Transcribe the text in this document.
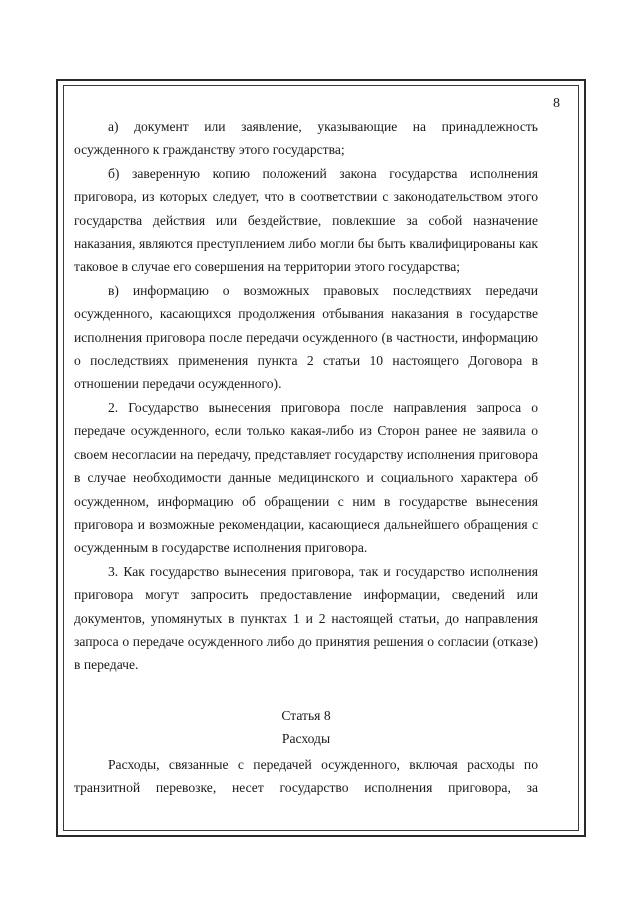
8

а) документ или заявление, указывающие на принадлежность осужденного к гражданству этого государства;

б) заверенную копию положений закона государства исполнения приговора, из которых следует, что в соответствии с законодательством этого государства действия или бездействие, повлекшие за собой назначение наказания, являются преступлением либо могли бы быть квалифицированы как таковое в случае его совершения на территории этого государства;

в) информацию о возможных правовых последствиях передачи осужденного, касающихся продолжения отбывания наказания в государстве исполнения приговора после передачи осужденного (в частности, информацию о последствиях применения пункта 2 статьи 10 настоящего Договора в отношении передачи осужденного).

2. Государство вынесения приговора после направления запроса о передаче осужденного, если только какая-либо из Сторон ранее не заявила о своем несогласии на передачу, представляет государству исполнения приговора в случае необходимости данные медицинского и социального характера об осужденном, информацию об обращении с ним в государстве вынесения приговора и возможные рекомендации, касающиеся дальнейшего обращения с осужденным в государстве исполнения приговора.

3. Как государство вынесения приговора, так и государство исполнения приговора могут запросить предоставление информации, сведений или документов, упомянутых в пунктах 1 и 2 настоящей статьи, до направления запроса о передаче осужденного либо до принятия решения о согласии (отказе) в передаче.

Статья 8

Расходы

Расходы, связанные с передачей осужденного, включая расходы по транзитной перевозке, несет государство исполнения приговора, за
